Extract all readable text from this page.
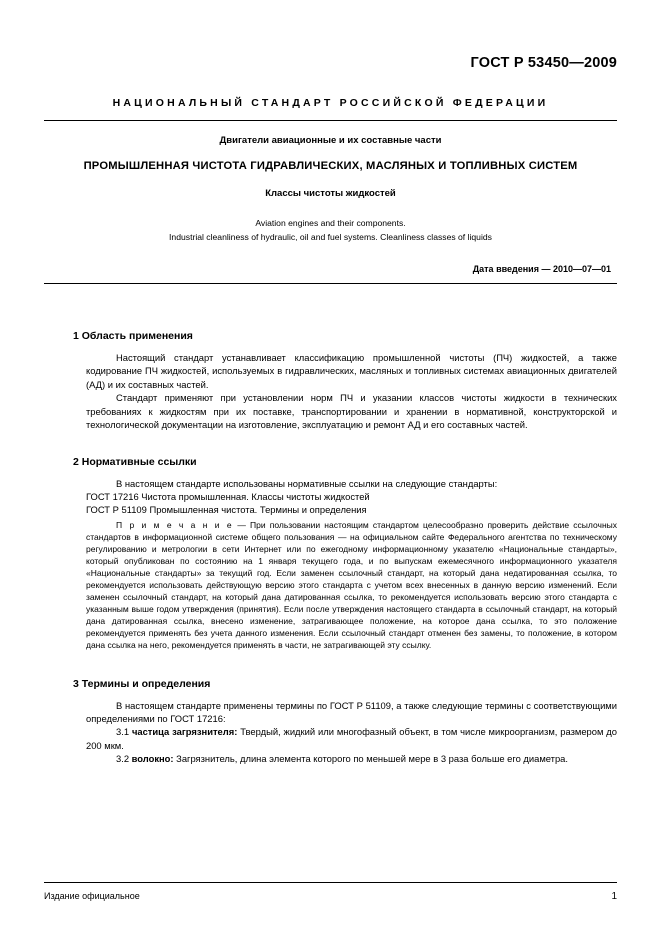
ГОСТ Р 53450—2009
НАЦИОНАЛЬНЫЙ СТАНДАРТ РОССИЙСКОЙ ФЕДЕРАЦИИ
Двигатели авиационные и их составные части
ПРОМЫШЛЕННАЯ ЧИСТОТА ГИДРАВЛИЧЕСКИХ, МАСЛЯНЫХ И ТОПЛИВНЫХ СИСТЕМ
Классы чистоты жидкостей
Aviation engines and their components.
Industrial cleanliness of hydraulic, oil and fuel systems. Cleanliness classes of liquids
Дата введения — 2010—07—01
1 Область применения

Настоящий стандарт устанавливает классификацию промышленной чистоты (ПЧ) жидкостей, а также кодирование ПЧ жидкостей, используемых в гидравлических, масляных и топливных системах авиационных двигателей (АД) и их составных частей.

Стандарт применяют при установлении норм ПЧ и указании классов чистоты жидкости в технических требованиях к жидкостям при их поставке, транспортировании и хранении в нормативной, конструкторской и технологической документации на изготовление, эксплуатацию и ремонт АД и его составных частей.

2 Нормативные ссылки

В настоящем стандарте использованы нормативные ссылки на следующие стандарты:

ГОСТ 17216 Чистота промышленная. Классы чистоты жидкостей

ГОСТ Р 51109 Промышленная чистота. Термины и определения

П р и м е ч а н и е — При пользовании настоящим стандартом целесообразно проверить действие ссылочных стандартов в информационной системе общего пользования — на официальном сайте Федерального агентства по техническому регулированию и метрологии в сети Интернет или по ежегодному информационному указателю «Национальные стандарты», который опубликован по состоянию на 1 января текущего года, и по выпускам ежемесячного информационного указателя «Национальные стандарты» за текущий год. Если заменен ссылочный стандарт, на который дана недатированная ссылка, то рекомендуется использовать действующую версию этого стандарта с учетом всех внесенных в данную версию изменений. Если заменен ссылочный стандарт, на который дана датированная ссылка, то рекомендуется использовать версию этого стандарта с указанным выше годом утверждения (принятия). Если после утверждения настоящего стандарта в ссылочный стандарт, на который дана датированная ссылка, внесено изменение, затрагивающее положение, на которое дана ссылка, то это положение рекомендуется применять без учета данного изменения. Если ссылочный стандарт отменен без замены, то положение, в котором дана ссылка на него, рекомендуется применять в части, не затрагивающей эту ссылку.

3 Термины и определения

В настоящем стандарте применены термины по ГОСТ Р 51109, а также следующие термины с соответствующими определениями по ГОСТ 17216:

3.1 частица загрязнителя: Твердый, жидкий или многофазный объект, в том числе микроорганизм, размером до 200 мкм.

3.2 волокно: Загрязнитель, длина элемента которого по меньшей мере в 3 раза больше его диаметра.

Издание официальное	1
